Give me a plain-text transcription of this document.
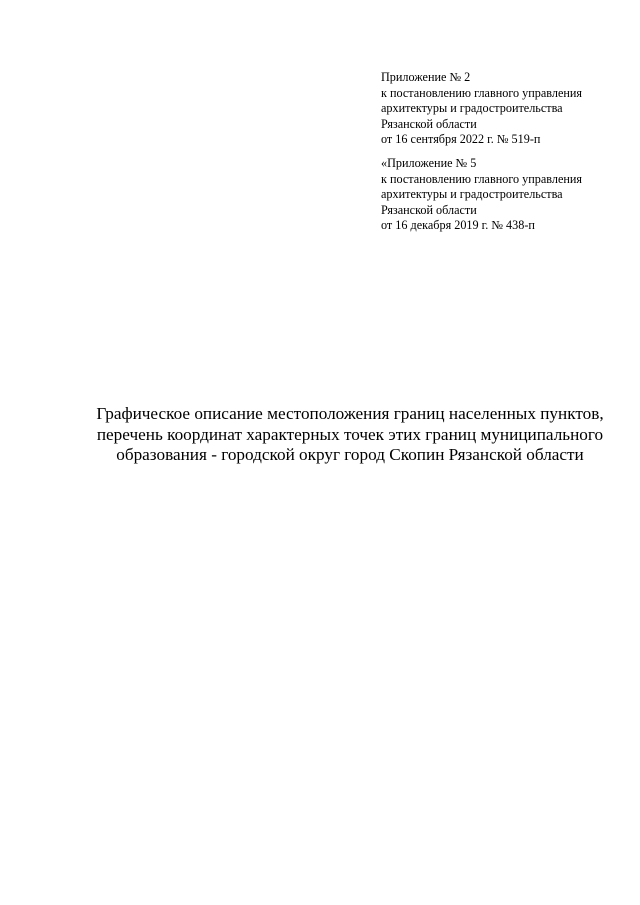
Приложение № 2
к постановлению главного управления
архитектуры и градостроительства
Рязанской области
от 16 сентября 2022 г. № 519-п
«Приложение № 5
к постановлению главного управления
архитектуры и градостроительства
Рязанской области
от 16 декабря 2019 г. № 438-п
Графическое описание местоположения границ населенных пунктов,
перечень координат характерных точек этих границ муниципального
образования - городской округ город Скопин Рязанской области
